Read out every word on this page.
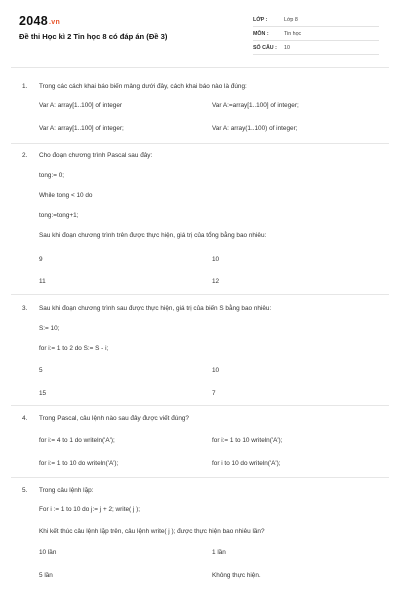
2048.vn
Đề thi Học kì 2 Tin học 8 có đáp án (Đề 3)
LỚP :	Lớp 8
MÔN :	Tin học
SỐ CÂU : 10
1. Trong các cách khai báo biến mảng dưới đây, cách khai báo nào là đúng:
Var A: array[1..100] of integer	Var A:=array[1..100] of integer;
Var A: array[1..100] of integer;	Var A: array(1..100) of integer;
2. Cho đoạn chương trình Pascal sau đây:
tong:= 0;
While tong < 10 do
tong:=tong+1;
Sau khi đoạn chương trình trên được thực hiện, giá trị của tổng bằng bao nhiêu:
9	10
11	12
3. Sau khi đoạn chương trình sau được thực hiện, giá trị của biến S bằng bao nhiêu:
S:= 10;
for i:= 1 to 2 do S:= S - i;
5	10
15	7
4. Trong Pascal, câu lệnh nào sau đây được viết đúng?
for i:= 4 to 1 do writeln('A');	for i:= 1 to 10 writeln('A');
for i:= 1 to 10 do writeln('A');	for i to 10 do writeln('A');
5. Trong câu lệnh lặp:
For i := 1 to 10 do j:= j + 2; write( j );
Khi kết thúc câu lệnh lặp trên, câu lệnh write( j ); được thực hiện bao nhiêu lần?
10 lần	1 lần
5 lần	Không thực hiện.
